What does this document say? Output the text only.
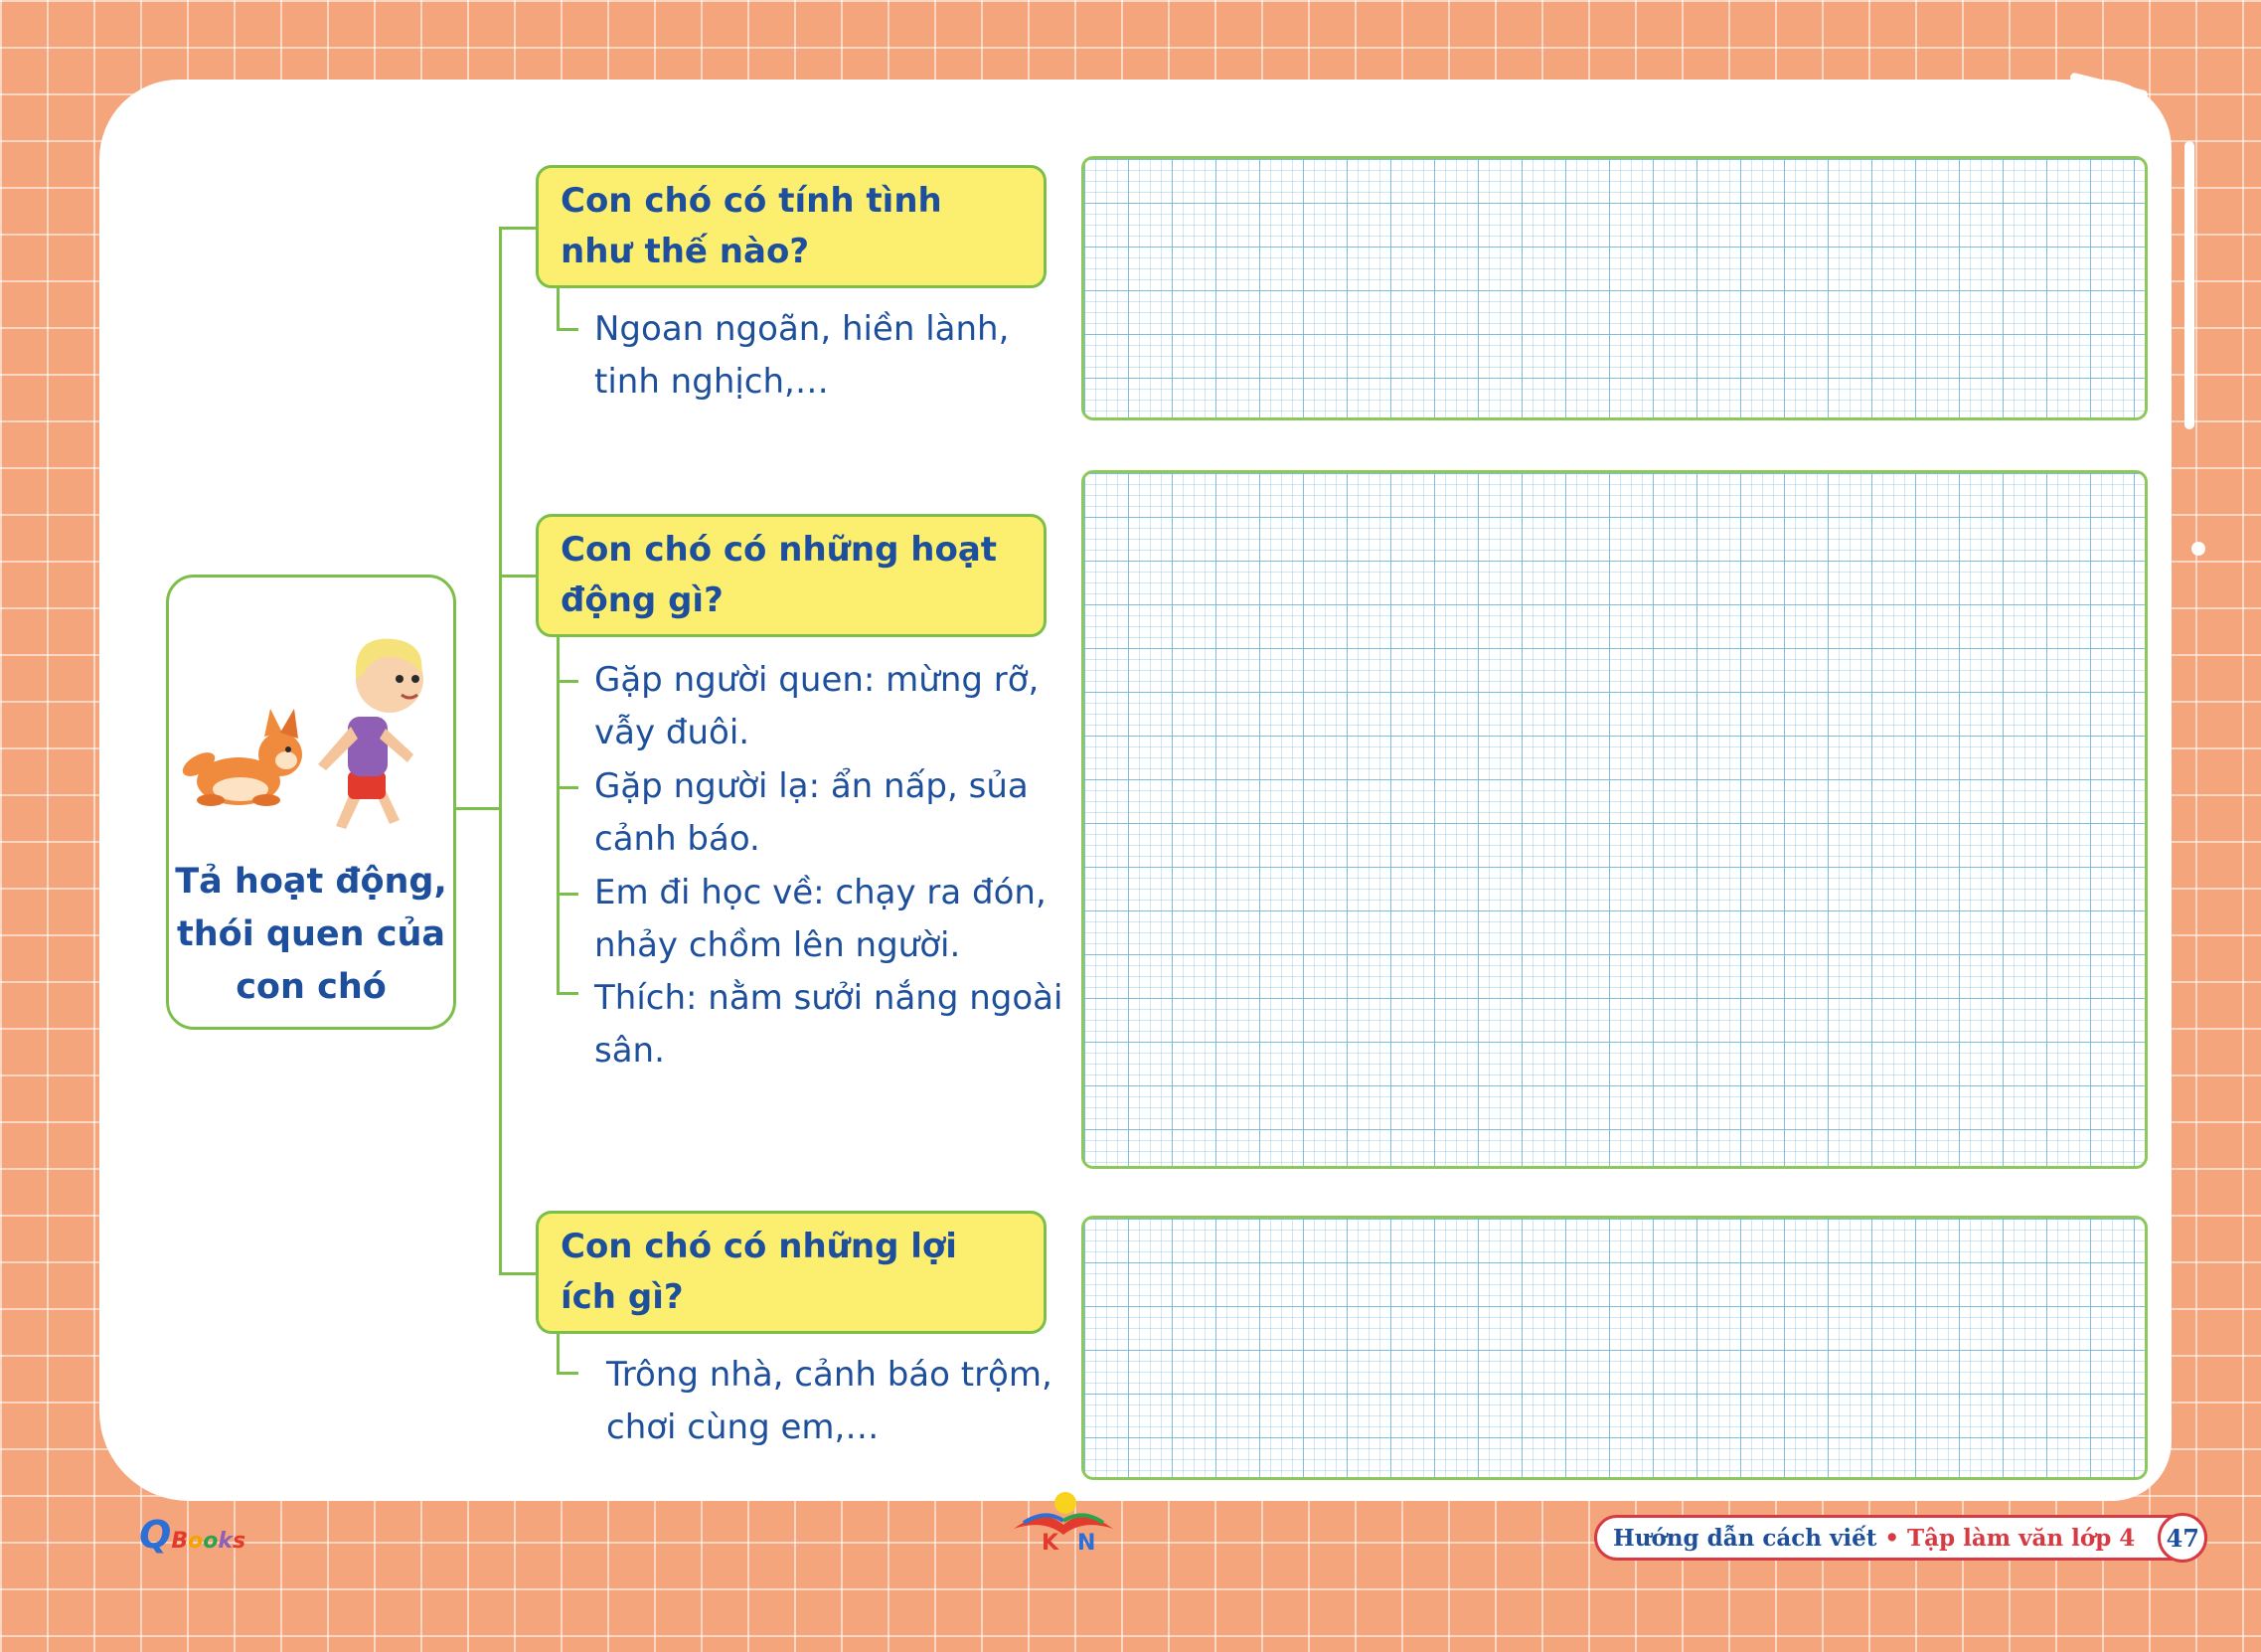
Tả hoạt động, thói quen của con chó
Con chó có tính tình như thế nào?
Ngoan ngoãn, hiền lành, tinh nghịch,…
Con chó có những hoạt động gì?
Gặp người quen: mừng rỡ, vẫy đuôi.
Gặp người lạ: ẩn nấp, sủa cảnh báo.
Em đi học về: chạy ra đón, nhảy chồm lên người.
Thích: nằm sưởi nắng ngoài sân.
Con chó có những lợi ích gì?
Trông nhà, cảnh báo trộm, chơi cùng em,…
QBooks	K N	Hướng dẫn cách viết • Tập làm văn lớp 4	47
